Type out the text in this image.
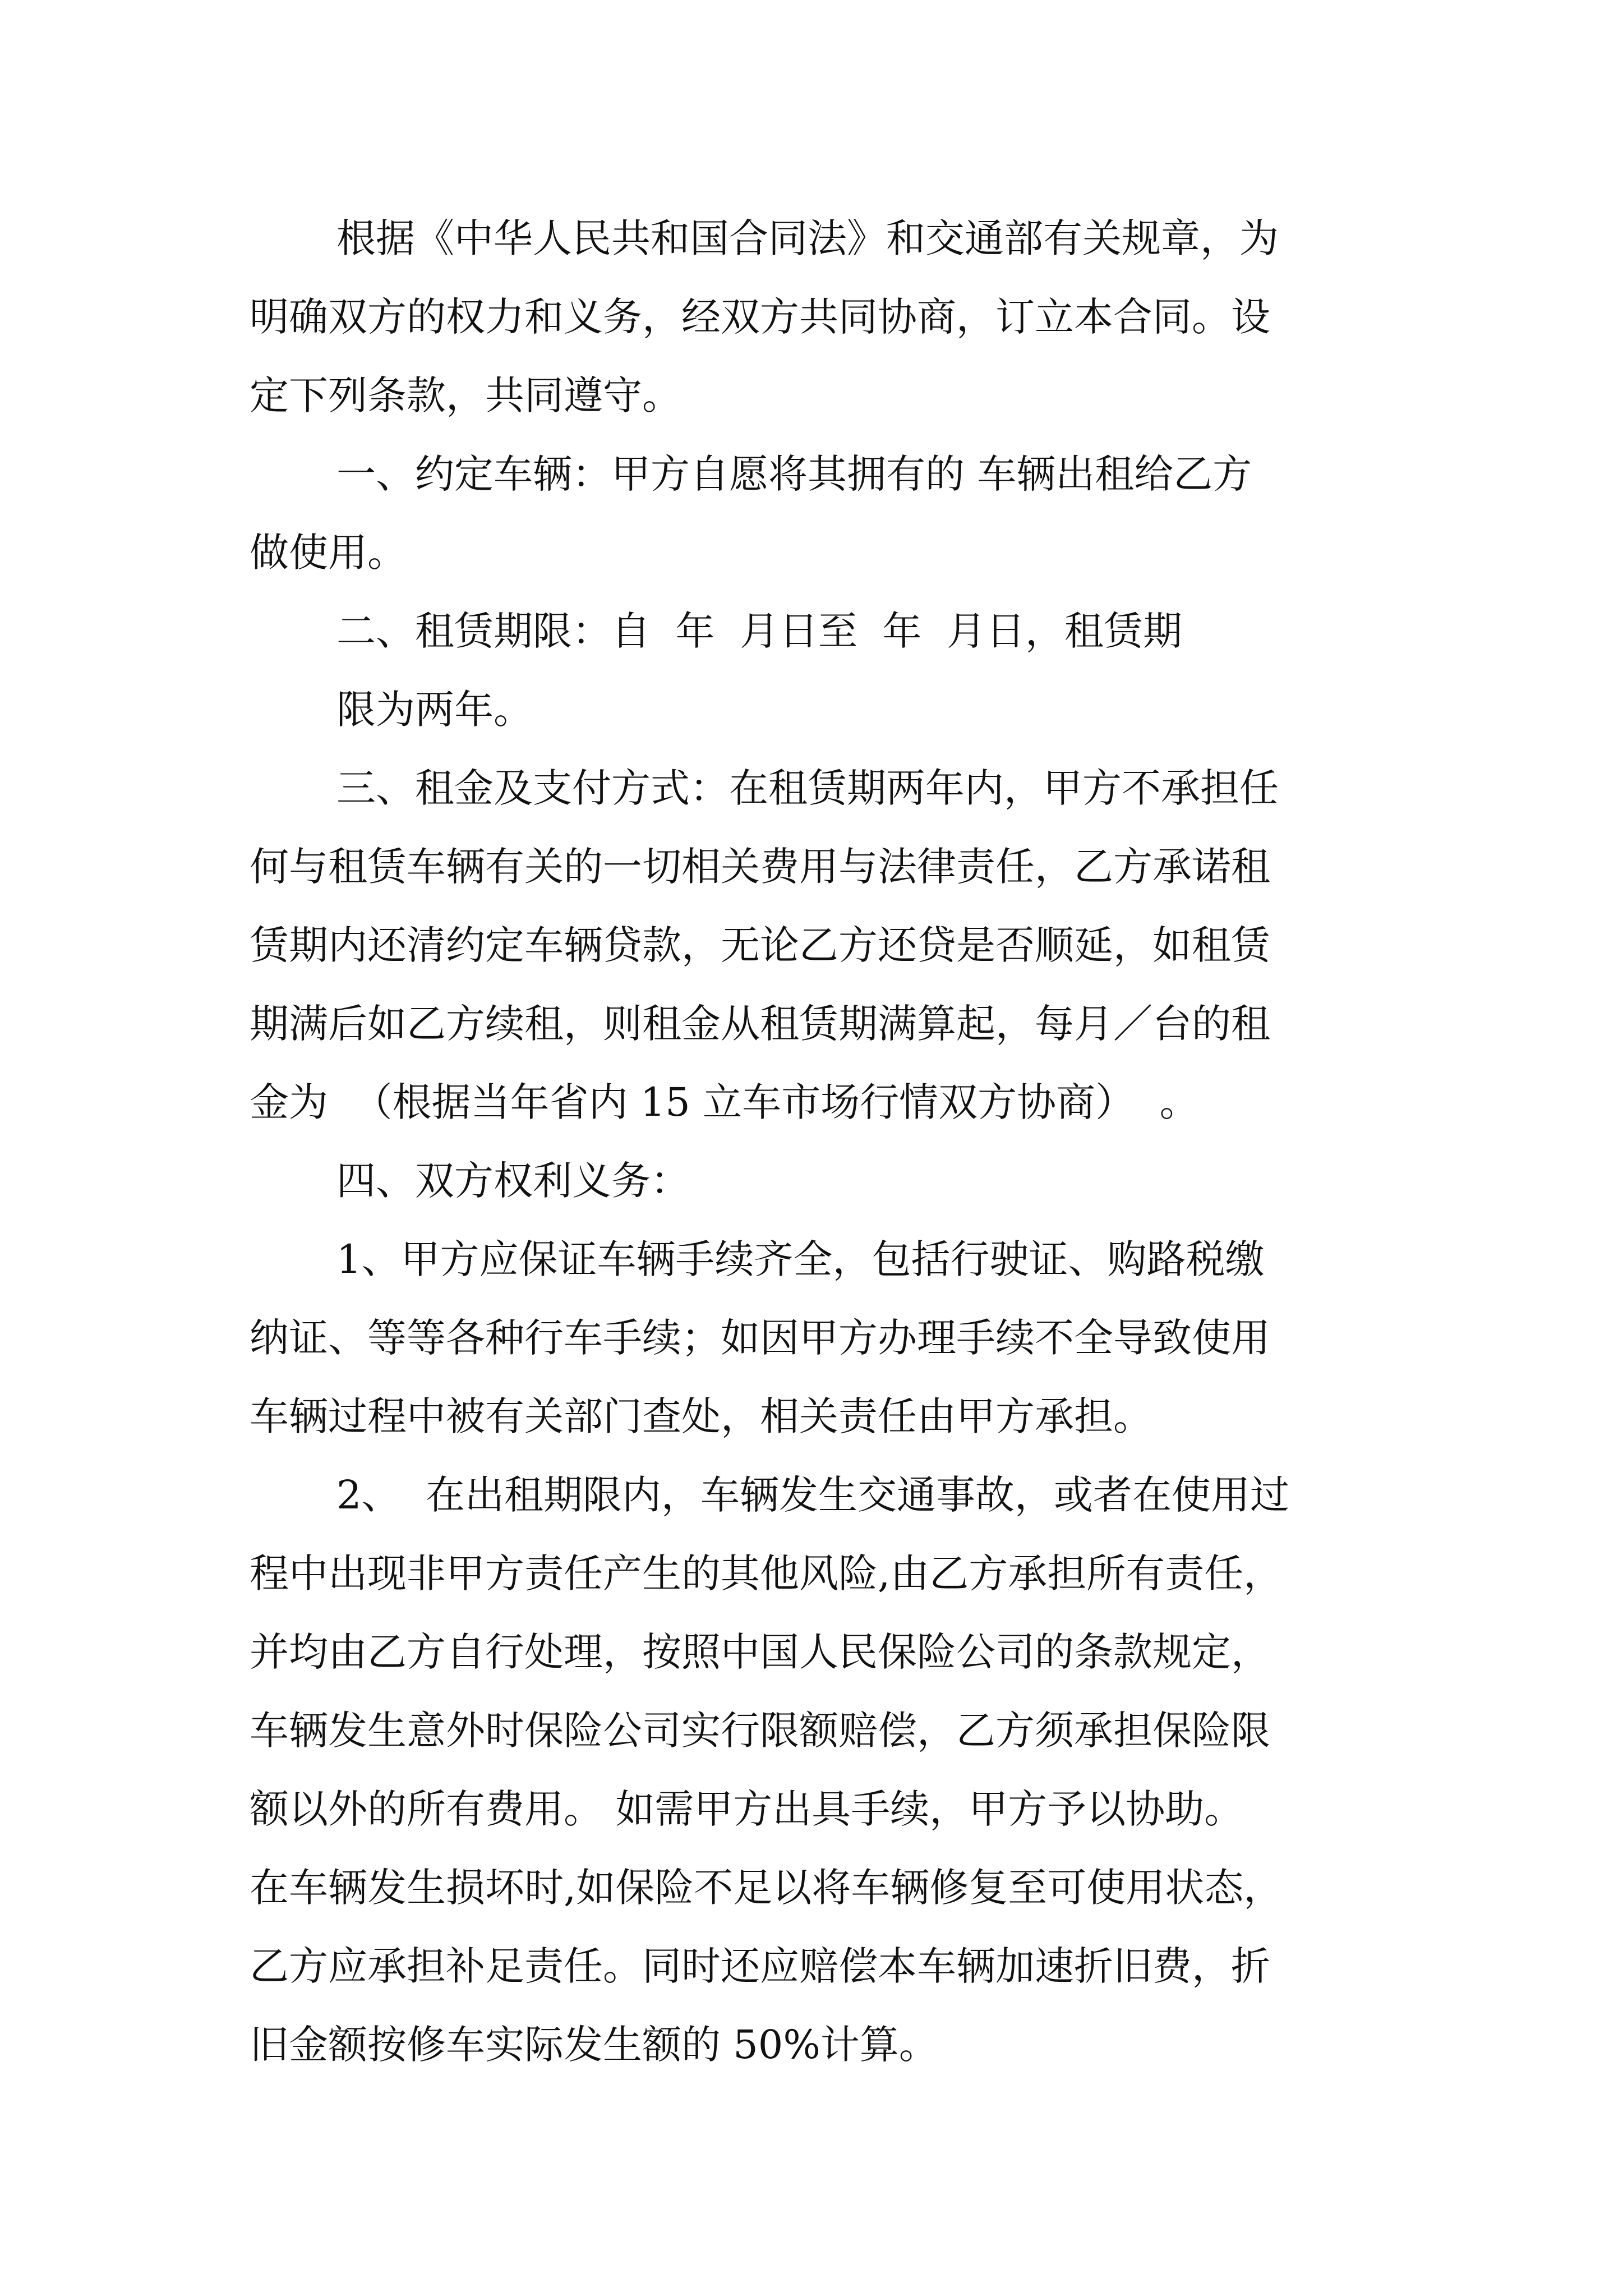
根据《中华人民共和国合同法》和交通部有关规章，为
明确双方的权力和义务，经双方共同协商，订立本合同。设
定下列条款，共同遵守。
一、约定车辆：甲方自愿将其拥有的 车辆出租给乙方
做使用。
二、租赁期限：自  年  月日至  年  月日，租赁期
限为两年。
三、租金及支付方式：在租赁期两年内，甲方不承担任
何与租赁车辆有关的一切相关费用与法律责任，乙方承诺租
赁期内还清约定车辆贷款，无论乙方还贷是否顺延，如租赁
期满后如乙方续租，则租金从租赁期满算起，每月／台的租
金为  （根据当年省内 15 立车市场行情双方协商）  。
四、双方权利义务：
1、甲方应保证车辆手续齐全，包括行驶证、购路税缴
纳证、等等各种行车手续；如因甲方办理手续不全导致使用
车辆过程中被有关部门查处，相关责任由甲方承担。
2、  在出租期限内，车辆发生交通事故，或者在使用过
程中出现非甲方责任产生的其他风险,由乙方承担所有责任，
并均由乙方自行处理，按照中国人民保险公司的条款规定，
车辆发生意外时保险公司实行限额赔偿，乙方须承担保险限
额以外的所有费用。 如需甲方出具手续，甲方予以协助。
在车辆发生损坏时,如保险不足以将车辆修复至可使用状态，
乙方应承担补足责任。同时还应赔偿本车辆加速折旧费，折
旧金额按修车实际发生额的 50%计算。
